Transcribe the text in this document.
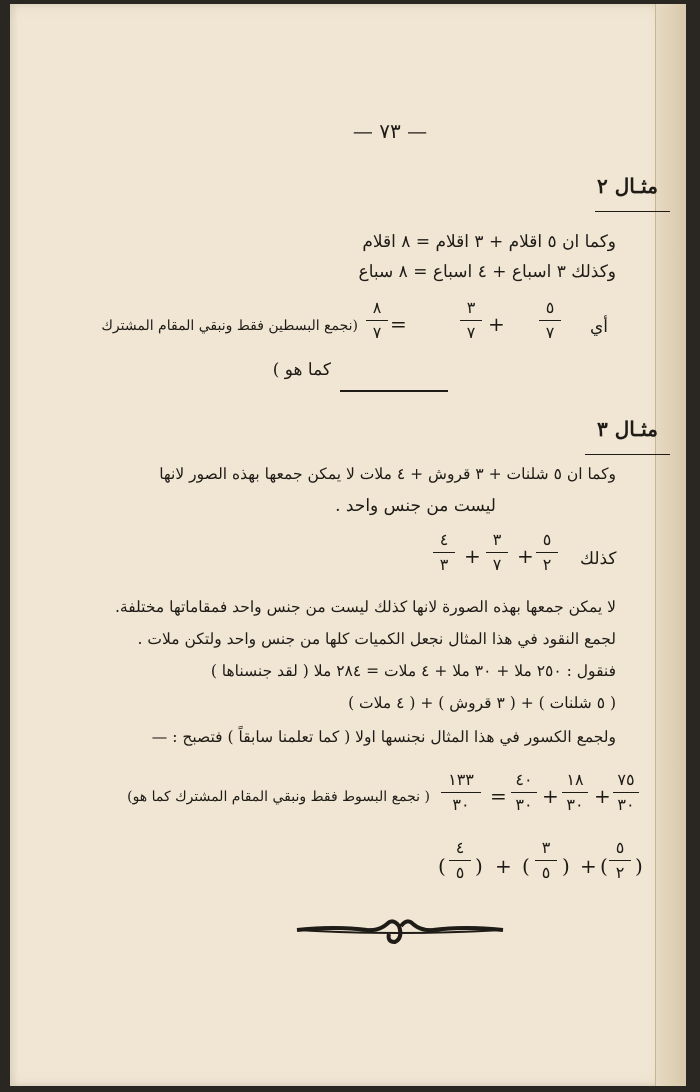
— ٧٣ —
مثـال ٢
وكما ان ٥ اقلام + ٣ اقلام = ٨ اقلام
وكذلك ٣ اسباع + ٤ اسباع = ٨ سباع
أي
٥
٧
+
٣
٧
=
٨
٧
(نجمع البسطين فقط ونبقي المقام المشترك
كما هو )
مثـال ٣
وكما ان ٥ شلنات + ٣ قروش + ٤ ملات لا يمكن جمعها بهذه الصور لانها
ليست من جنس واحد .
كذلك
٥
٢
+
٣
٧
+
٤
٣
لا يمكن جمعها بهذه الصورة لانها كذلك ليست من جنس واحد فمقاماتها مختلفة.
لجمع النقود في هذا المثال نجعل الكميات كلها من جنس واحد ولتكن ملات .
فنقول : ٢٥٠ ملا + ٣٠ ملا + ٤ ملات = ٢٨٤ ملا ( لقد جنسناها )
( ٥ شلنات ) + ( ٣ قروش ) + ( ٤ ملات )
ولجمع الكسور في هذا المثال نجنسها اولا ( كما تعلمنا سابقاً ) فتصبح : —
٧٥
٣٠
+
١٨
٣٠
+
٤٠
٣٠
=
١٣٣
٣٠
( نجمع البسوط فقط ونبقي المقام المشترك كما هو)
)
٥
٢
(
+
)
٣
٥
(
+
)
٤
٥
(
